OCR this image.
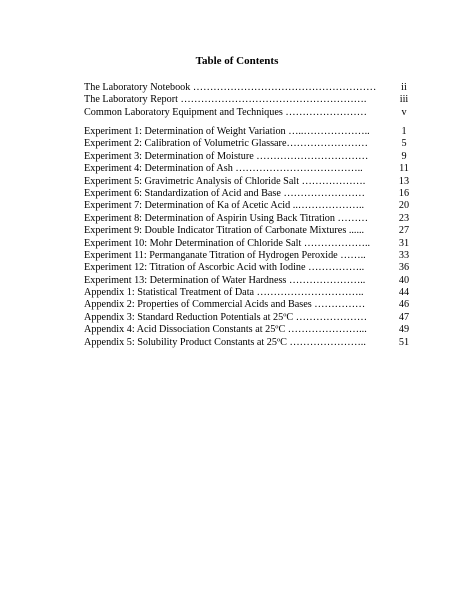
Table of Contents
The Laboratory Notebook ………………………………………………	ii
The Laboratory Report ……………………………………………….	iii
Common Laboratory Equipment and Techniques ……………………	v
Experiment 1: Determination of Weight Variation …..………………..	1
Experiment 2: Calibration of Volumetric Glassare……………………	5
Experiment 3: Determination of Moisture ……………………………	9
Experiment 4: Determination of Ash ………………………………..	11
Experiment 5: Gravimetric Analysis of Chloride Salt ……………….	13
Experiment 6: Standardization of Acid and Base ……………………	16
Experiment 7: Determination of Ka of Acetic Acid ..………………..	20
Experiment 8: Determination of Aspirin Using Back Titration ………	23
Experiment 9: Double Indicator Titration of Carbonate Mixtures ......	27
Experiment 10: Mohr Determination of Chloride Salt ………………..	31
Experiment 11: Permanganate Titration of Hydrogen Peroxide ……..	33
Experiment 12: Titration of Ascorbic Acid with Iodine ……………..	36
Experiment 13: Determination of Water Hardness …………………..	40
Appendix 1: Statistical Treatment of Data …………………………..	44
Appendix 2: Properties of Commercial Acids and Bases ……………	46
Appendix 3: Standard Reduction Potentials at 25ºC …………………	47
Appendix 4: Acid Dissociation Constants at 25ºC …………………...	49
Appendix 5: Solubility Product Constants at 25ºC …………………..	51
